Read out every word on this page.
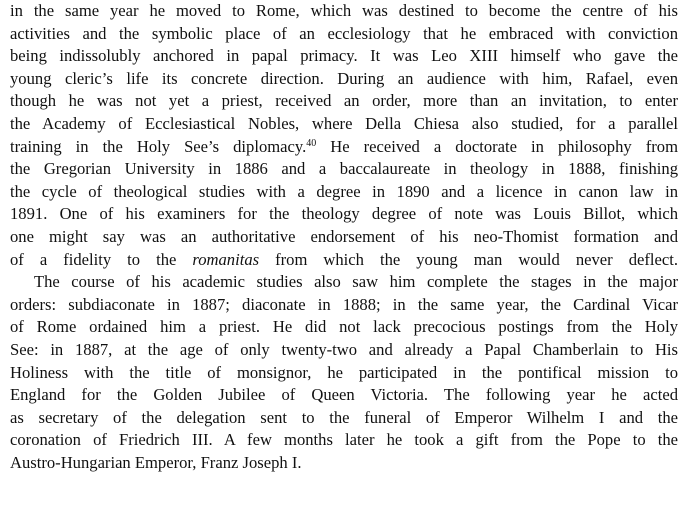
in the same year he moved to Rome, which was destined to become the centre of his
activities and the symbolic place of an ecclesiology that he embraced with conviction
being indissolubly anchored in papal primacy. It was Leo XIII himself who gave the
young cleric’s life its concrete direction. During an audience with him, Rafael, even
though he was not yet a priest, received an order, more than an invitation, to enter
the Academy of Ecclesiastical Nobles, where Della Chiesa also studied, for a parallel
training in the Holy See’s diplomacy.$^{40}$ He received a doctorate in philosophy from
the Gregorian University in 1886 and a baccalaureate in theology in 1888, finishing
the cycle of theological studies with a degree in 1890 and a licence in canon law in
1891. One of his examiners for the theology degree of note was Louis Billot, which
one might say was an authoritative endorsement of his neo-Thomist formation and
of a fidelity to the romanitas from which the young man would never deflect.

The course of his academic studies also saw him complete the stages in the major
orders: subdiaconate in 1887; diaconate in 1888; in the same year, the Cardinal Vicar
of Rome ordained him a priest. He did not lack precocious postings from the Holy
See: in 1887, at the age of only twenty-two and already a Papal Chamberlain to His
Holiness with the title of monsignor, he participated in the pontifical mission to
England for the Golden Jubilee of Queen Victoria. The following year he acted
as secretary of the delegation sent to the funeral of Emperor Wilhelm I and the
coronation of Friedrich III. A few months later he took a gift from the Pope to the
Austro-Hungarian Emperor, Franz Joseph I.
